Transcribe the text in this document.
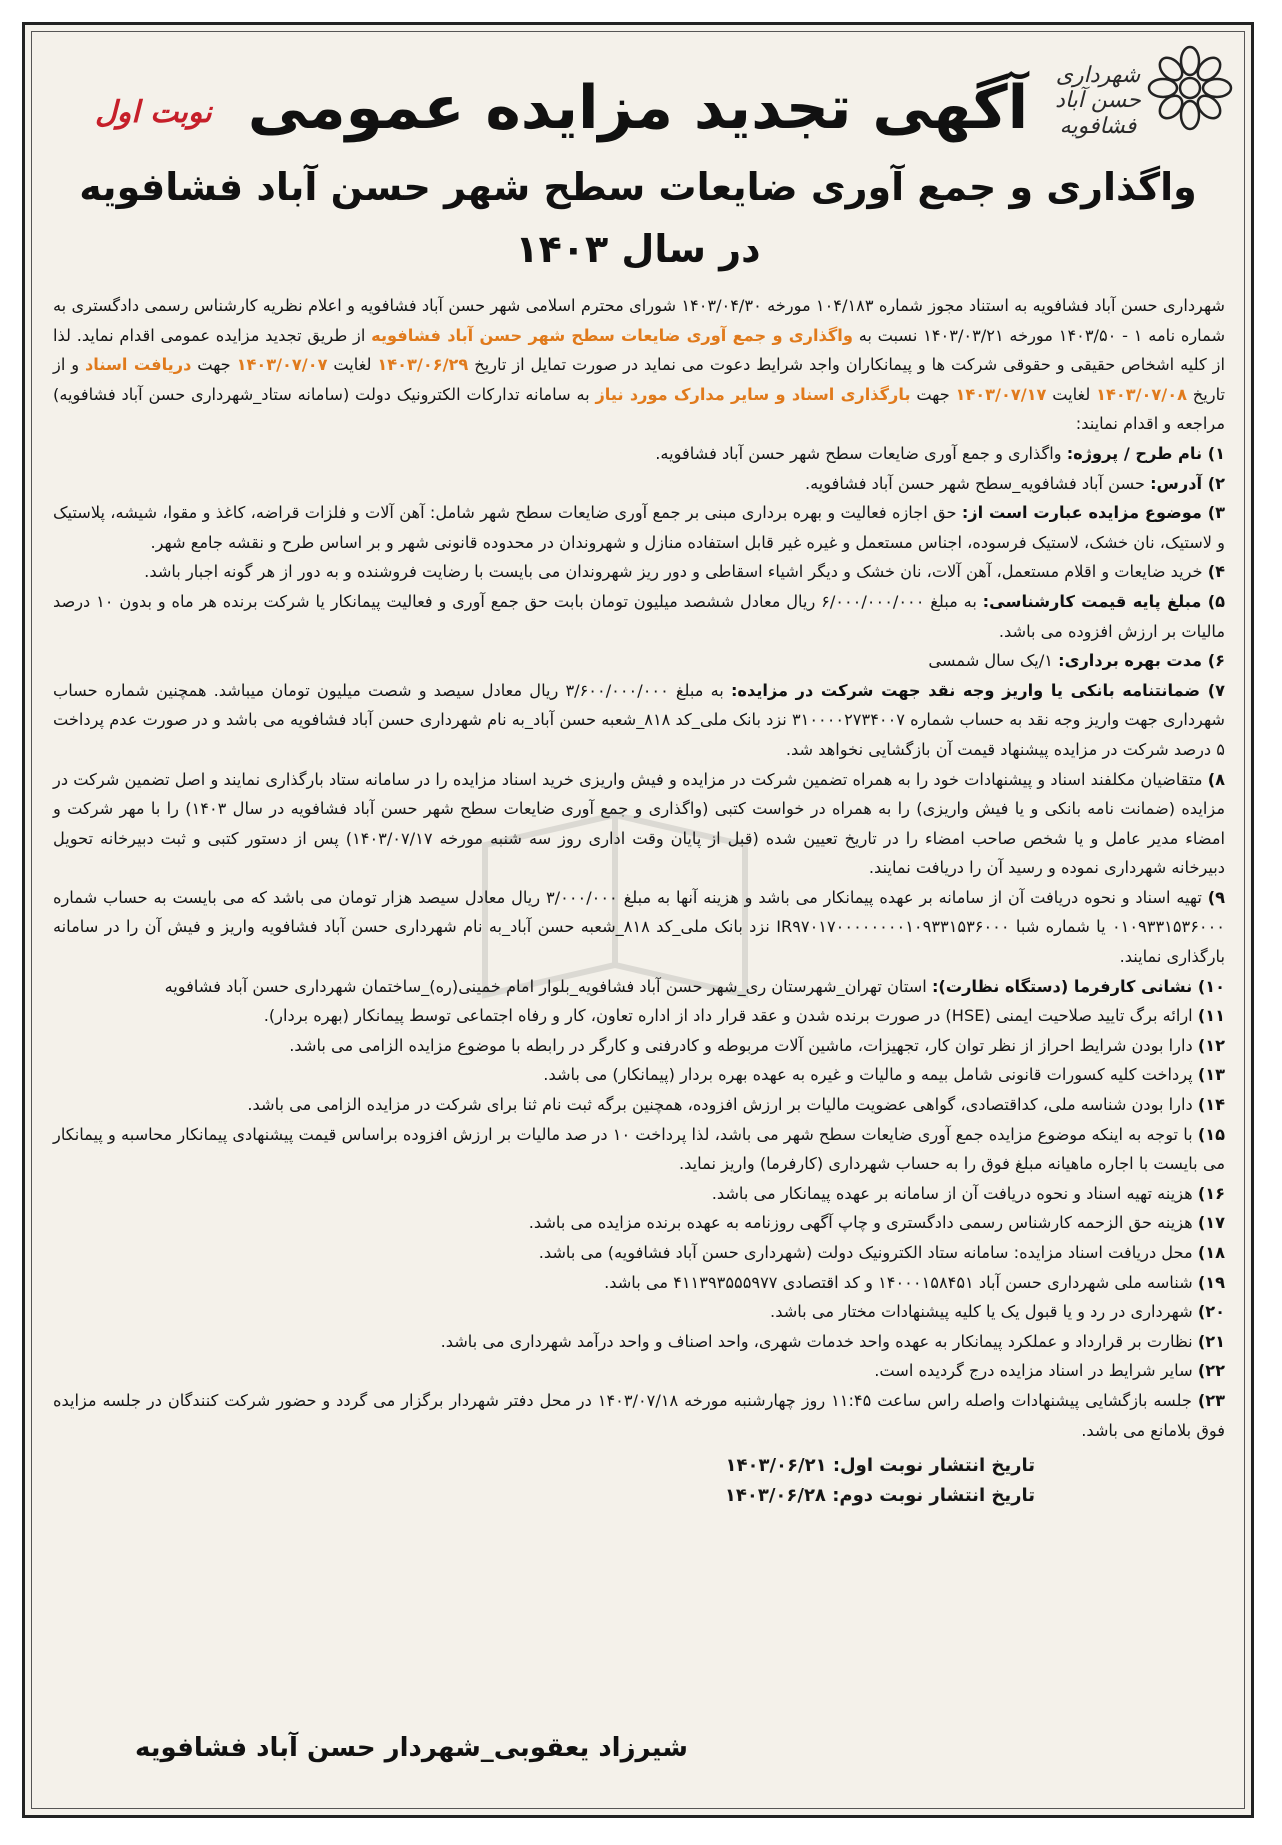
شهرداری حسن آباد فشافویه
نوبت اول آگهی تجدید مزایده عمومی
واگذاری و جمع آوری ضایعات سطح شهر حسن آباد فشافویه
در سال ۱۴۰۳

شهرداری حسن آباد فشافویه به استناد مجوز شماره ۱۰۴/۱۸۳ مورخه ۱۴۰۳/۰۴/۳۰ شورای محترم اسلامی شهر حسن آباد فشافویه و اعلام نظریه کارشناس رسمی دادگستری به شماره نامه ۱ - ۱۴۰۳/۵۰ مورخه ۱۴۰۳/۰۳/۲۱ نسبت به واگذاری و جمع آوری ضایعات سطح شهر حسن آباد فشافویه از طریق تجدید مزایده عمومی اقدام نماید. لذا از کلیه اشخاص حقیقی و حقوقی شرکت ها و پیمانکاران واجد شرایط دعوت می نماید در صورت تمایل از تاریخ ۱۴۰۳/۰۶/۲۹ لغایت ۱۴۰۳/۰۷/۰۷ جهت دریافت اسناد و از تاریخ ۱۴۰۳/۰۷/۰۸ لغایت ۱۴۰۳/۰۷/۱۷ جهت بارگذاری اسناد و سایر مدارک مورد نیاز به سامانه تدارکات الکترونیک دولت (سامانه ستاد_شهرداری حسن آباد فشافویه) مراجعه و اقدام نمایند:

۱) نام طرح / پروژه: واگذاری و جمع آوری ضایعات سطح شهر حسن آباد فشافویه.
۲) آدرس: حسن آباد فشافویه_سطح شهر حسن آباد فشافویه.
۳) موضوع مزایده عبارت است از: حق اجازه فعالیت و بهره برداری مبنی بر جمع آوری ضایعات سطح شهر شامل: آهن آلات و فلزات قراضه، کاغذ و مقوا، شیشه، پلاستیک و لاستیک، نان خشک، لاستیک فرسوده، اجناس مستعمل و غیره غیر قابل استفاده منازل و شهروندان در محدوده قانونی شهر و بر اساس طرح و نقشه جامع شهر.
۴) خرید ضایعات و اقلام مستعمل، آهن آلات، نان خشک و دیگر اشیاء اسقاطی و دور ریز شهروندان می بایست با رضایت فروشنده و به دور از هر گونه اجبار باشد.
۵) مبلغ پایه قیمت کارشناسی: به مبلغ ۶/۰۰۰/۰۰۰/۰۰۰ ریال معادل ششصد میلیون تومان بابت حق جمع آوری و فعالیت پیمانکار یا شرکت برنده هر ماه و بدون ۱۰ درصد مالیات بر ارزش افزوده می باشد.
۶) مدت بهره برداری: ۱/یک سال شمسی
۷) ضمانتنامه بانکی یا واریز وجه نقد جهت شرکت در مزایده: به مبلغ ۳/۶۰۰/۰۰۰/۰۰۰ ریال معادل سیصد و شصت میلیون تومان میباشد. همچنین شماره حساب شهرداری جهت واریز وجه نقد به حساب شماره ۳۱۰۰۰۰۲۷۳۴۰۰۷ نزد بانک ملی_کد ۸۱۸_شعبه حسن آباد_به نام شهرداری حسن آباد فشافویه می باشد و در صورت عدم پرداخت ۵ درصد شرکت در مزایده پیشنهاد قیمت آن بازگشایی نخواهد شد.
۸) متقاضیان مکلفند اسناد و پیشنهادات خود را به همراه تضمین شرکت در مزایده و فیش واریزی خرید اسناد مزایده را در سامانه ستاد بارگذاری نمایند و اصل تضمین شرکت در مزایده (ضمانت نامه بانکی و یا فیش واریزی) را به همراه در خواست کتبی (واگذاری و جمع آوری ضایعات سطح شهر حسن آباد فشافویه در سال ۱۴۰۳) را با مهر شرکت و امضاء مدیر عامل و یا شخص صاحب امضاء را در تاریخ تعیین شده (قبل از پایان وقت اداری روز سه شنبه مورخه ۱۴۰۳/۰۷/۱۷) پس از دستور کتبی و ثبت دبیرخانه تحویل دبیرخانه شهرداری نموده و رسید آن را دریافت نمایند.
۹) تهیه اسناد و نحوه دریافت آن از سامانه بر عهده پیمانکار می باشد و هزینه آنها به مبلغ ۳/۰۰۰/۰۰۰ ریال معادل سیصد هزار تومان می باشد که می بایست به حساب شماره ۰۱۰۹۳۳۱۵۳۶۰۰۰ یا شماره شبا IR۹۷۰۱۷۰۰۰۰۰۰۰۰۱۰۹۳۳۱۵۳۶۰۰۰ نزد بانک ملی_کد ۸۱۸_شعبه حسن آباد_به نام شهرداری حسن آباد فشافویه واریز و فیش آن را در سامانه بارگذاری نمایند.
۱۰) نشانی کارفرما (دستگاه نظارت): استان تهران_شهرستان ری_شهر حسن آباد فشافویه_بلوار امام خمینی(ره)_ساختمان شهرداری حسن آباد فشافویه
۱۱) ارائه برگ تایید صلاحیت ایمنی (HSE) در صورت برنده شدن و عقد قرار داد از اداره تعاون، کار و رفاه اجتماعی توسط پیمانکار (بهره بردار).
۱۲) دارا بودن شرایط احراز از نظر توان کار، تجهیزات، ماشین آلات مربوطه و کادرفنی و کارگر در رابطه با موضوع مزایده الزامی می باشد.
۱۳) پرداخت کلیه کسورات قانونی شامل بیمه و مالیات و غیره به عهده بهره بردار (پیمانکار) می باشد.
۱۴) دارا بودن شناسه ملی، کداقتصادی، گواهی عضویت مالیات بر ارزش افزوده، همچنین برگه ثبت نام ثنا برای شرکت در مزایده الزامی می باشد.
۱۵) با توجه به اینکه موضوع مزایده جمع آوری ضایعات سطح شهر می باشد، لذا پرداخت ۱۰ در صد مالیات بر ارزش افزوده براساس قیمت پیشنهادی پیمانکار محاسبه و پیمانکار می بایست با اجاره ماهیانه مبلغ فوق را به حساب شهرداری (کارفرما) واریز نماید.
۱۶) هزینه تهیه اسناد و نحوه دریافت آن از سامانه بر عهده پیمانکار می باشد.
۱۷) هزینه حق الزحمه کارشناس رسمی دادگستری و چاپ آگهی روزنامه به عهده برنده مزایده می باشد.
۱۸) محل دریافت اسناد مزایده: سامانه ستاد الکترونیک دولت (شهرداری حسن آباد فشافویه) می باشد.
۱۹) شناسه ملی شهرداری حسن آباد ۱۴۰۰۰۱۵۸۴۵۱ و کد اقتصادی ۴۱۱۳۹۳۵۵۵۹۷۷ می باشد.
۲۰) شهرداری در رد و یا قبول یک یا کلیه پیشنهادات مختار می باشد.
۲۱) نظارت بر قرارداد و عملکرد پیمانکار به عهده واحد خدمات شهری، واحد اصناف و واحد درآمد شهرداری می باشد.
۲۲) سایر شرایط در اسناد مزایده درج گردیده است.
۲۳) جلسه بازگشایی پیشنهادات واصله راس ساعت ۱۱:۴۵ روز چهارشنبه مورخه ۱۴۰۳/۰۷/۱۸ در محل دفتر شهردار برگزار می گردد و حضور شرکت کنندگان در جلسه مزایده فوق بلامانع می باشد.
تاریخ انتشار نوبت اول: ۱۴۰۳/۰۶/۲۱
تاریخ انتشار نوبت دوم: ۱۴۰۳/۰۶/۲۸
شیرزاد یعقوبی_شهردار حسن آباد فشافویه
